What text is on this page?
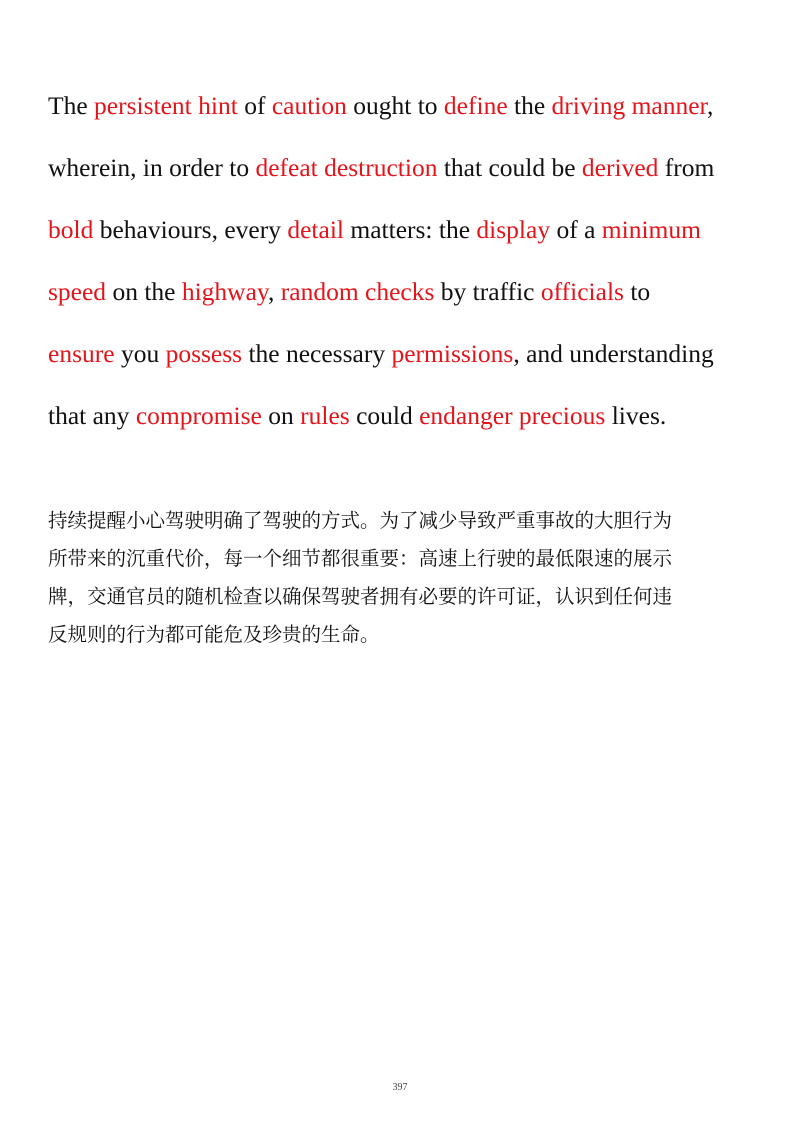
The persistent hint of caution ought to define the driving manner,
wherein, in order to defeat destruction that could be derived from
bold behaviours, every detail matters: the display of a minimum
speed on the highway, random checks by traffic officials to
ensure you possess the necessary permissions, and understanding
that any compromise on rules could endanger precious lives.

持续提醒小心驾驶明确了驾驶的方式。为了减少导致严重事故的大胆行为
所带来的沉重代价，每一个细节都很重要：高速上行驶的最低限速的展示
牌，交通官员的随机检查以确保驾驶者拥有必要的许可证，认识到任何违
反规则的行为都可能危及珍贵的生命。

397
